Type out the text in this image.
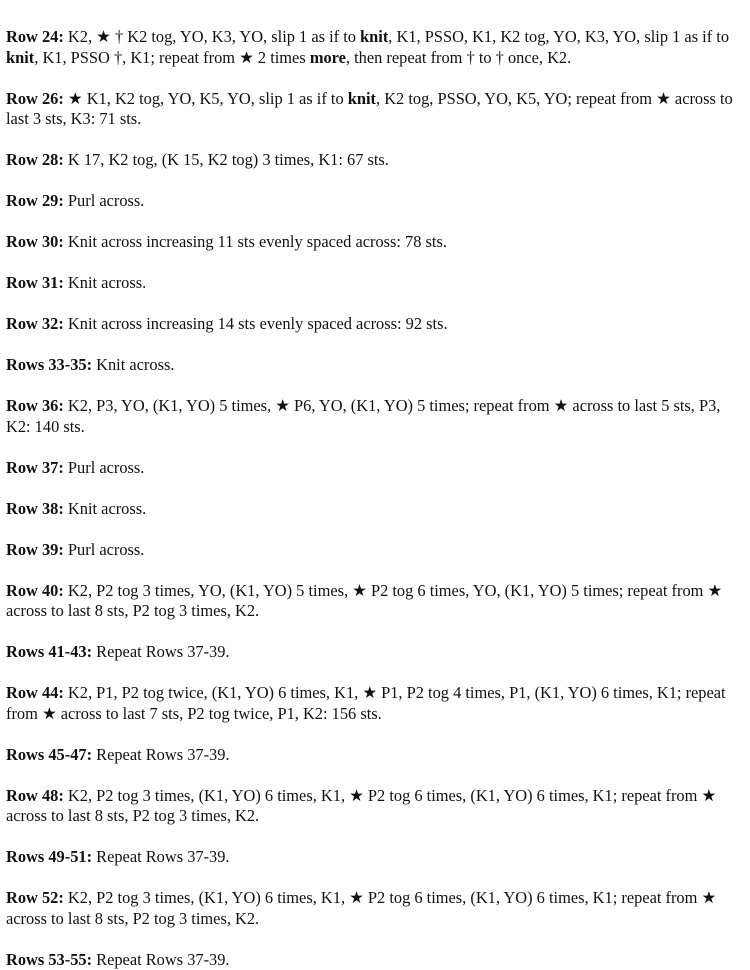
Row 24: K2, ★ † K2 tog, YO, K3, YO, slip 1 as if to knit, K1, PSSO, K1, K2 tog, YO, K3, YO, slip 1 as if to knit, K1, PSSO †, K1; repeat from ★ 2 times more, then repeat from † to † once, K2.

Row 26: ★ K1, K2 tog, YO, K5, YO, slip 1 as if to knit, K2 tog, PSSO, YO, K5, YO; repeat from ★ across to last 3 sts, K3: 71 sts.

Row 28: K 17, K2 tog, (K 15, K2 tog) 3 times, K1: 67 sts.

Row 29: Purl across.

Row 30: Knit across increasing 11 sts evenly spaced across: 78 sts.

Row 31: Knit across.

Row 32: Knit across increasing 14 sts evenly spaced across: 92 sts.

Rows 33-35: Knit across.

Row 36: K2, P3, YO, (K1, YO) 5 times, ★ P6, YO, (K1, YO) 5 times; repeat from ★ across to last 5 sts, P3, K2: 140 sts.

Row 37: Purl across.

Row 38: Knit across.

Row 39: Purl across.

Row 40: K2, P2 tog 3 times, YO, (K1, YO) 5 times, ★ P2 tog 6 times, YO, (K1, YO) 5 times; repeat from ★ across to last 8 sts, P2 tog 3 times, K2.

Rows 41-43: Repeat Rows 37-39.

Row 44: K2, P1, P2 tog twice, (K1, YO) 6 times, K1, ★ P1, P2 tog 4 times, P1, (K1, YO) 6 times, K1; repeat from ★ across to last 7 sts, P2 tog twice, P1, K2: 156 sts.

Rows 45-47: Repeat Rows 37-39.

Row 48: K2, P2 tog 3 times, (K1, YO) 6 times, K1, ★ P2 tog 6 times, (K1, YO) 6 times, K1; repeat from ★ across to last 8 sts, P2 tog 3 times, K2.

Rows 49-51: Repeat Rows 37-39.

Row 52: K2, P2 tog 3 times, (K1, YO) 6 times, K1, ★ P2 tog 6 times, (K1, YO) 6 times, K1; repeat from ★ across to last 8 sts, P2 tog 3 times, K2.

Rows 53-55: Repeat Rows 37-39.
